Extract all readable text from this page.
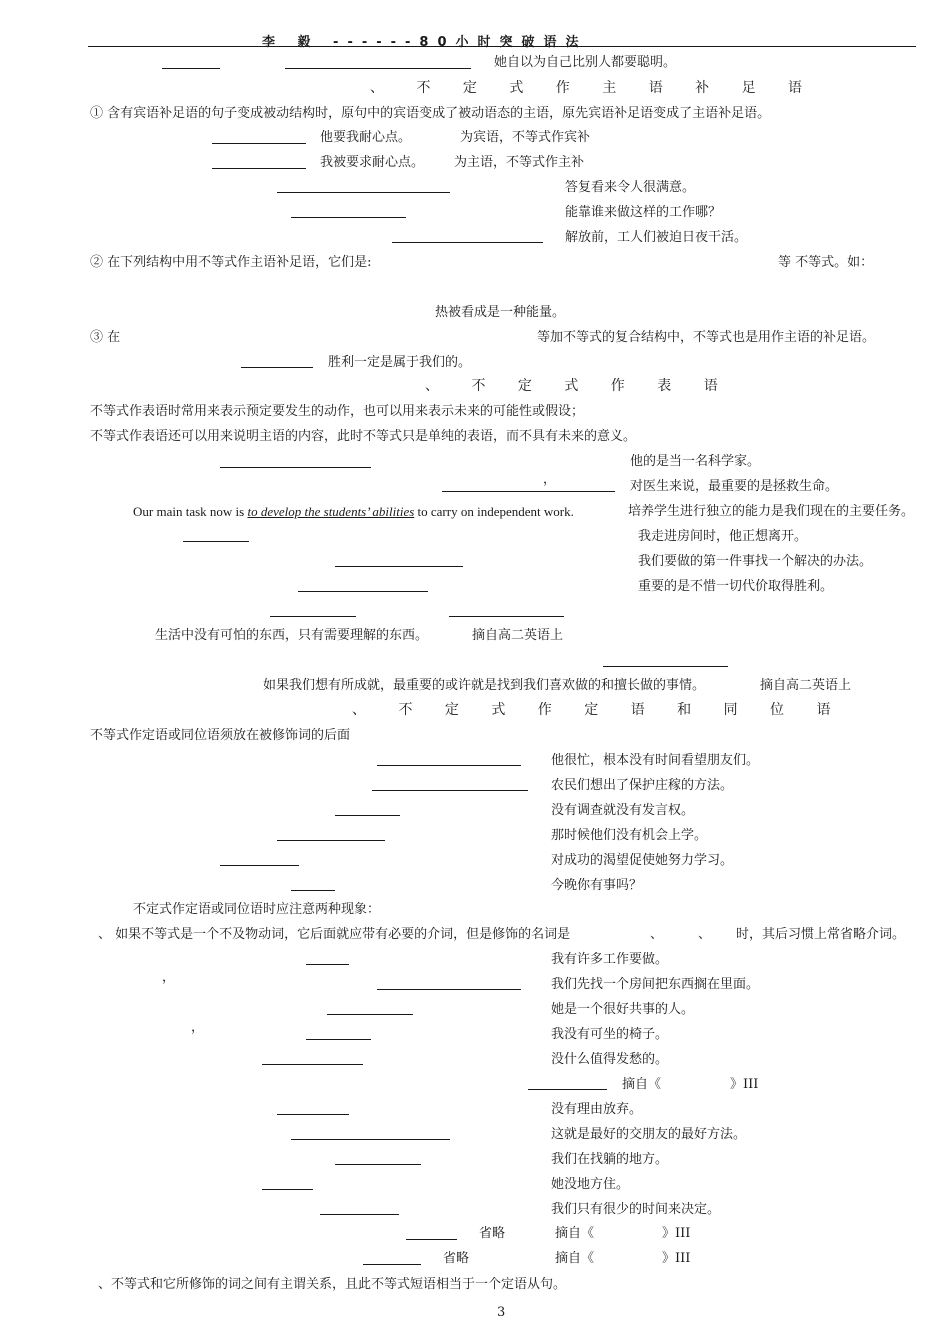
李 毅 ------80小时突破语法
她自以为自己比别人都要聪明。
、 不 定 式 作 主 语 补 足 语
① 含有宾语补足语的句子变成被动结构时，原句中的宾语变成了被动语态的主语，原先宾语补足语变成了主语补足语。
他要我耐心点。	为宾语，不等式作宾补
我被要求耐心点。 为主语，不等式作主补
答复看来令人很满意。
能靠谁来做这样的工作哪？
解放前，工人们被迫日夜干活。
② 在下列结构中用不等式作主语补足语，它们是:	等 不等式。如：
热被看成是一种能量。
③ 在	等加不等式的复合结构中，不等式也是用作主语的补足语。
胜利一定是属于我们的。
、 不 定 式 作 表 语
不等式作表语时常用来表示预定要发生的动作，也可以用来表示未来的可能性或假设；
不等式作表语还可以用来说明主语的内容，此时不等式只是单纯的表语，而不具有未来的意义。
他的是当一名科学家。
，	对医生来说，最重要的是拯救生命。
Our main task now is to develop the students’ abilities to carry on independent work.	培养学生进行独立的能力是我们现在的主要任务。
我走进房间时，他正想离开。
我们要做的第一件事找一个解决的办法。
重要的是不惜一切代价取得胜利。
生活中没有可怕的东西，只有需要理解的东西。	摘自高二英语上
如果我们想有所成就，最重要的或许就是找到我们喜欢做的和擅长做的事情。	摘自高二英语上
、 不 定 式 作 定 语 和 同 位 语
不等式作定语或同位语须放在被修饰词的后面
他很忙，根本没有时间看望朋友们。
农民们想出了保护庄稼的方法。
没有调查就没有发言权。
那时候他们没有机会上学。
对成功的渴望促使她努力学习。
今晚你有事吗？
不定式作定语或同位语时应注意两种现象：
、 如果不等式是一个不及物动词，它后面就应带有必要的介词，但是修饰的名词是	、	、 时，其后习惯上常省略介词。
我有许多工作要做。
，	我们先找一个房间把东西搁在里面。
她是一个很好共事的人。
，	我没有可坐的椅子。
没什么值得发愁的。
摘自《	》III
没有理由放弃。
这就是最好的交朋友的最好方法。
我们在找躺的地方。
她没地方住。
我们只有很少的时间来决定。
省略	摘自《	》III
省略	摘自《	》III
、不等式和它所修饰的词之间有主谓关系，且此不等式短语相当于一个定语从句。
3
